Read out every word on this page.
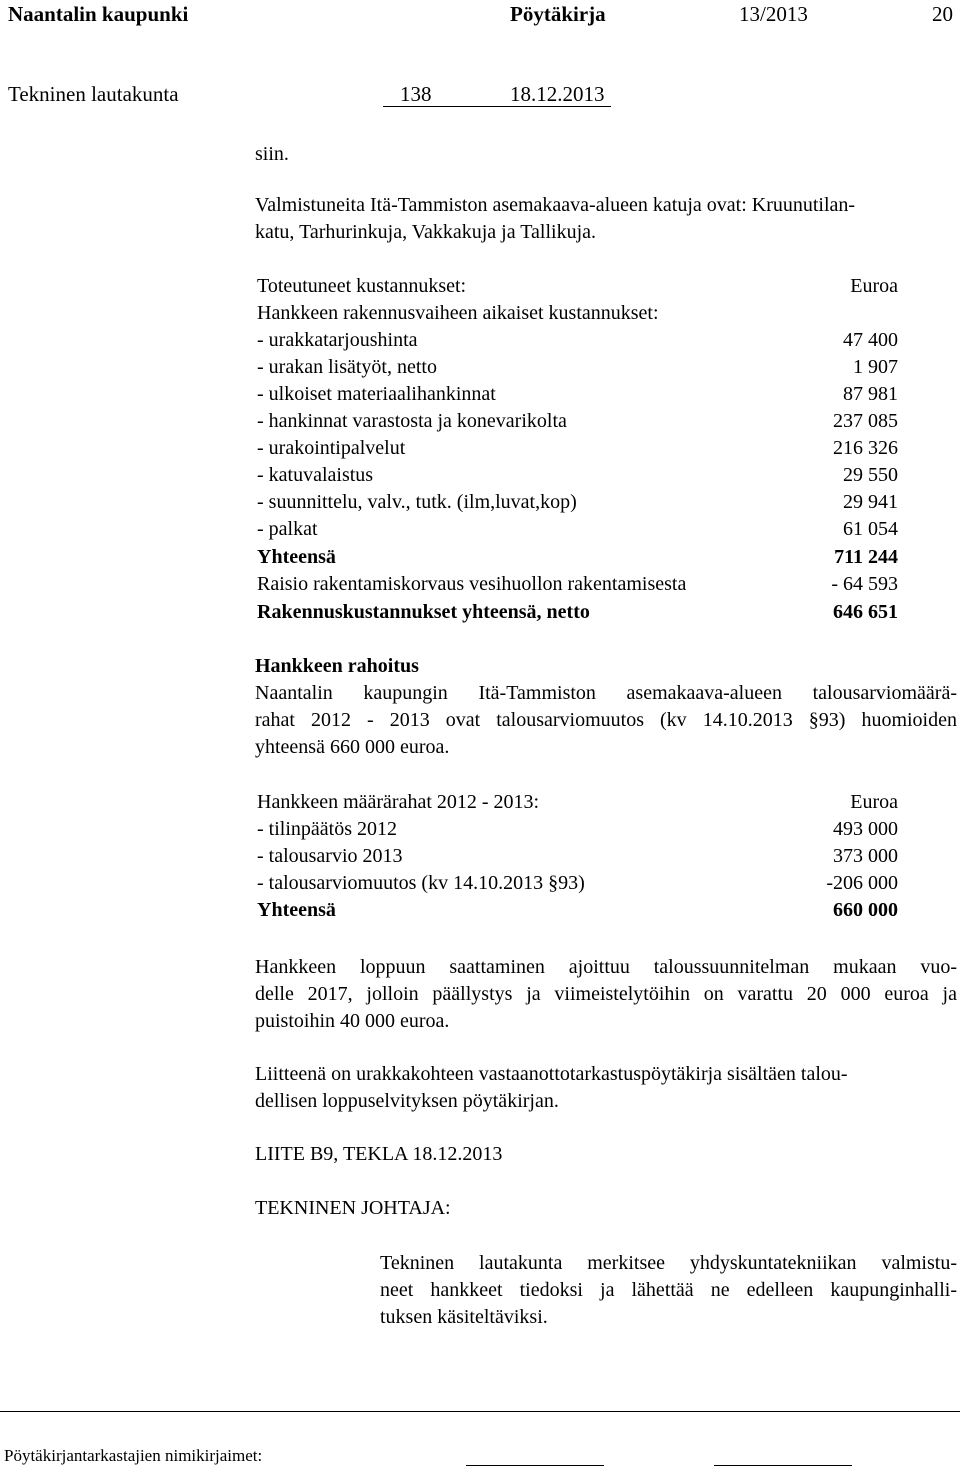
Naantalin kaupunki	Pöytäkirja	13/2013	20
Tekninen lautakunta	138	18.12.2013
siin.
Valmistuneita Itä-Tammiston asemakaava-alueen katuja ovat: Kruunutilan-
katu, Tarhurinkuja, Vakkakuja ja Tallikuja.
Toteutuneet kustannukset:	Euroa
Hankkeen rakennusvaiheen aikaiset kustannukset:
- urakkatarjoushinta	47 400
- urakan lisätyöt, netto	1 907
- ulkoiset materiaalihankinnat	87 981
- hankinnat varastosta ja konevarikolta	237 085
- urakointipalvelut	216 326
- katuvalaistus	29 550
- suunnittelu, valv., tutk. (ilm,luvat,kop)	29 941
- palkat	61 054
Yhteensä	711 244
Raisio rakentamiskorvaus vesihuollon rakentamisesta	- 64 593
Rakennuskustannukset yhteensä, netto	646 651
Hankkeen rahoitus
Naantalin kaupungin Itä-Tammiston asemakaava-alueen talousarviomäärä-
rahat 2012 - 2013 ovat talousarviomuutos (kv 14.10.2013 §93) huomioiden
yhteensä 660 000 euroa.
Hankkeen määrärahat 2012 - 2013:	Euroa
- tilinpäätös 2012	493 000
- talousarvio 2013	373 000
- talousarviomuutos (kv 14.10.2013 §93)	-206 000
Yhteensä	660 000
Hankkeen loppuun saattaminen ajoittuu taloussuunnitelman mukaan vuo-
delle 2017, jolloin päällystys ja viimeistelytöihin on varattu 20 000 euroa ja
puistoihin 40 000 euroa.
Liitteenä on urakkakohteen vastaanottotarkastuspöytäkirja sisältäen talou-
dellisen loppuselvityksen pöytäkirjan.
LIITE B9, TEKLA 18.12.2013
TEKNINEN JOHTAJA:
Tekninen lautakunta merkitsee yhdyskuntatekniikan valmistu-
neet hankkeet tiedoksi ja lähettää ne edelleen kaupunginhalli-
tuksen käsiteltäviksi.
Pöytäkirjantarkastajien nimikirjaimet:
